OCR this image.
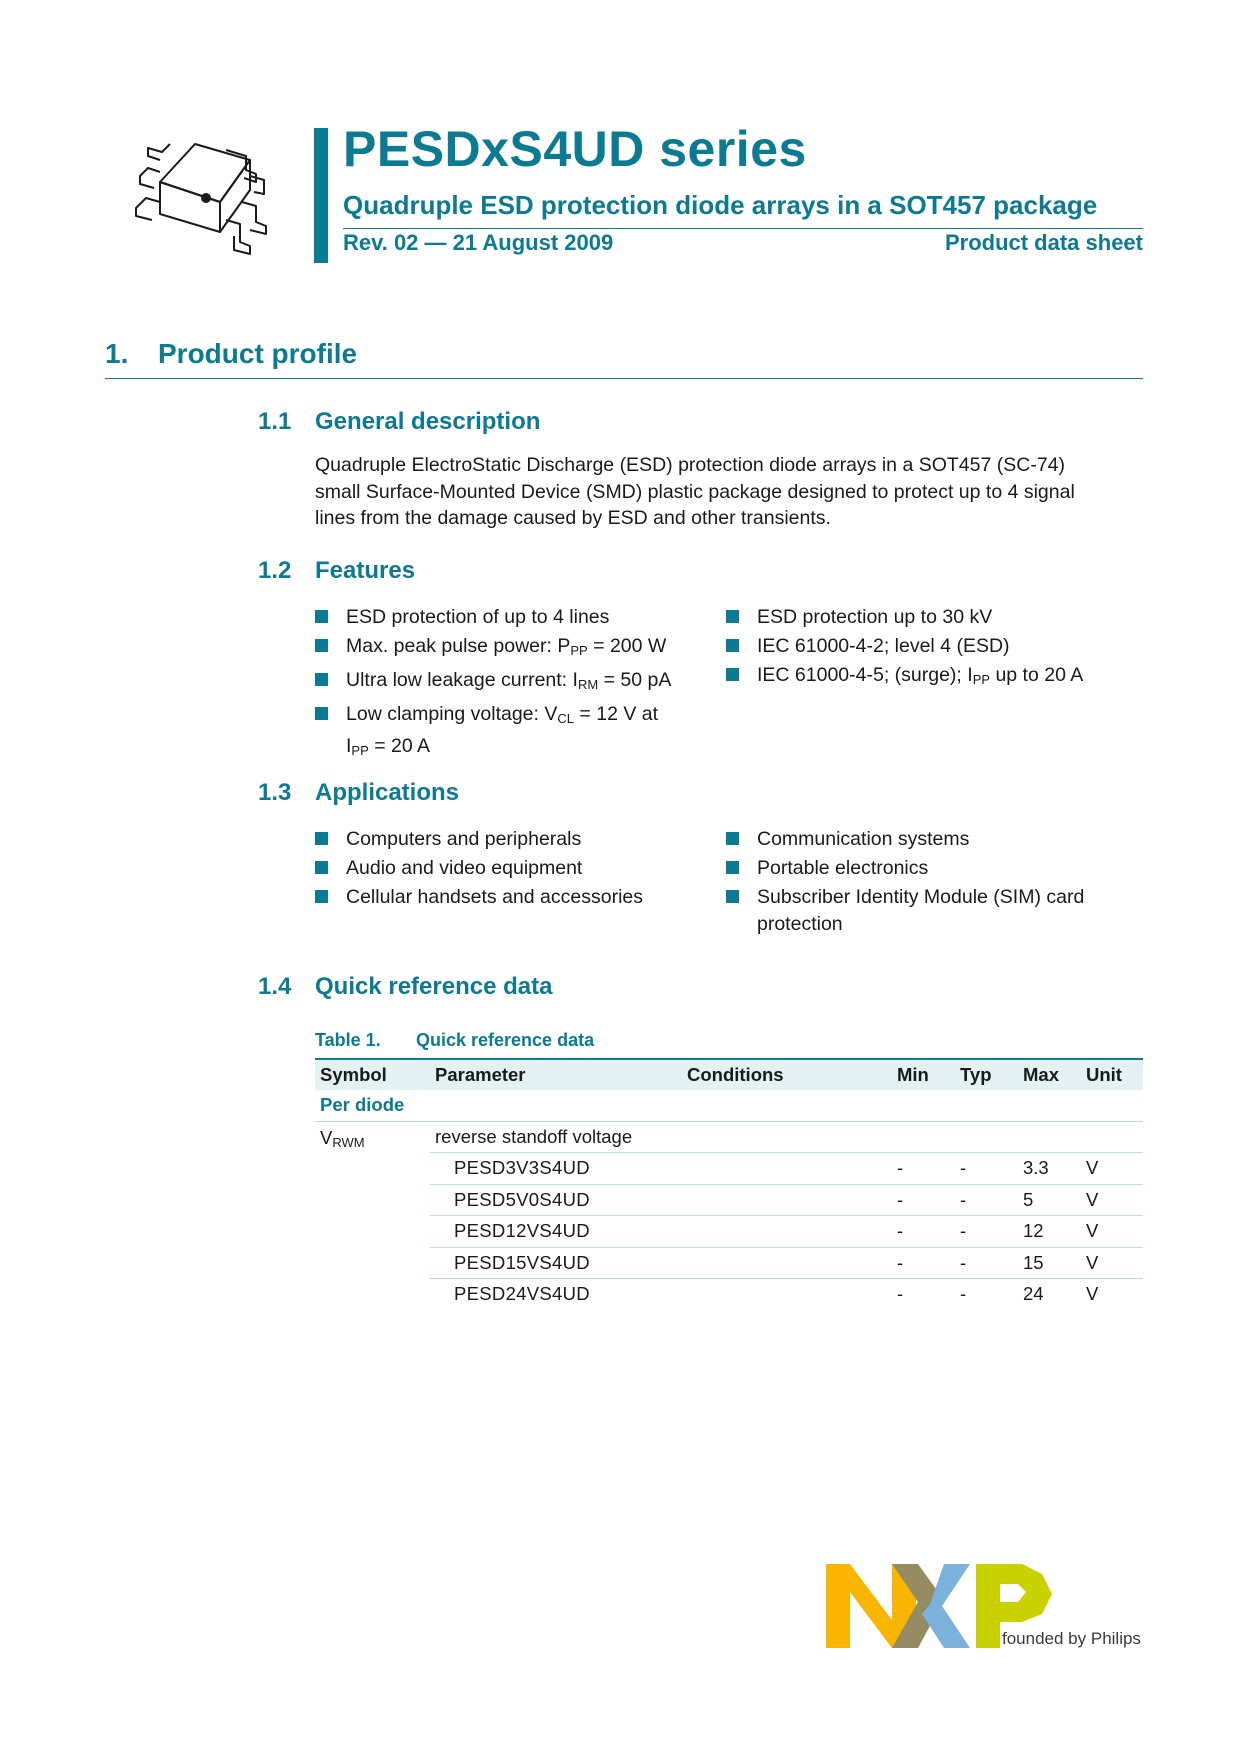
PESDxS4UD series
Quadruple ESD protection diode arrays in a SOT457 package
Rev. 02 — 21 August 2009	Product data sheet
1. Product profile
1.1 General description
Quadruple ElectroStatic Discharge (ESD) protection diode arrays in a SOT457 (SC-74)
small Surface-Mounted Device (SMD) plastic package designed to protect up to 4 signal
lines from the damage caused by ESD and other transients.
1.2 Features
ESD protection of up to 4 lines
Max. peak pulse power: $P_{PP} = 200$ W
Ultra low leakage current: $I_{RM} = 50$ pA
Low clamping voltage: $V_{CL} = 12$ V at
$I_{PP} = 20$ A
ESD protection up to 30 kV
IEC 61000-4-2; level 4 (ESD)
IEC 61000-4-5; (surge); $I_{PP}$ up to 20 A
1.3 Applications
Computers and peripherals
Audio and video equipment
Cellular handsets and accessories
Communication systems
Portable electronics
Subscriber Identity Module (SIM) card
protection
1.4 Quick reference data
Table 1. Quick reference data
Symbol	Parameter	Conditions	Min	Typ	Max	Unit
Per diode						
$V_{RWM}$	reverse standoff voltage					
	PESD3V3S4UD		-	-	3.3	V
	PESD5V0S4UD		-	-	5	V
	PESD12VS4UD		-	-	12	V
	PESD15VS4UD		-	-	15	V
	PESD24VS4UD		-	-	24	V
founded by Philips
